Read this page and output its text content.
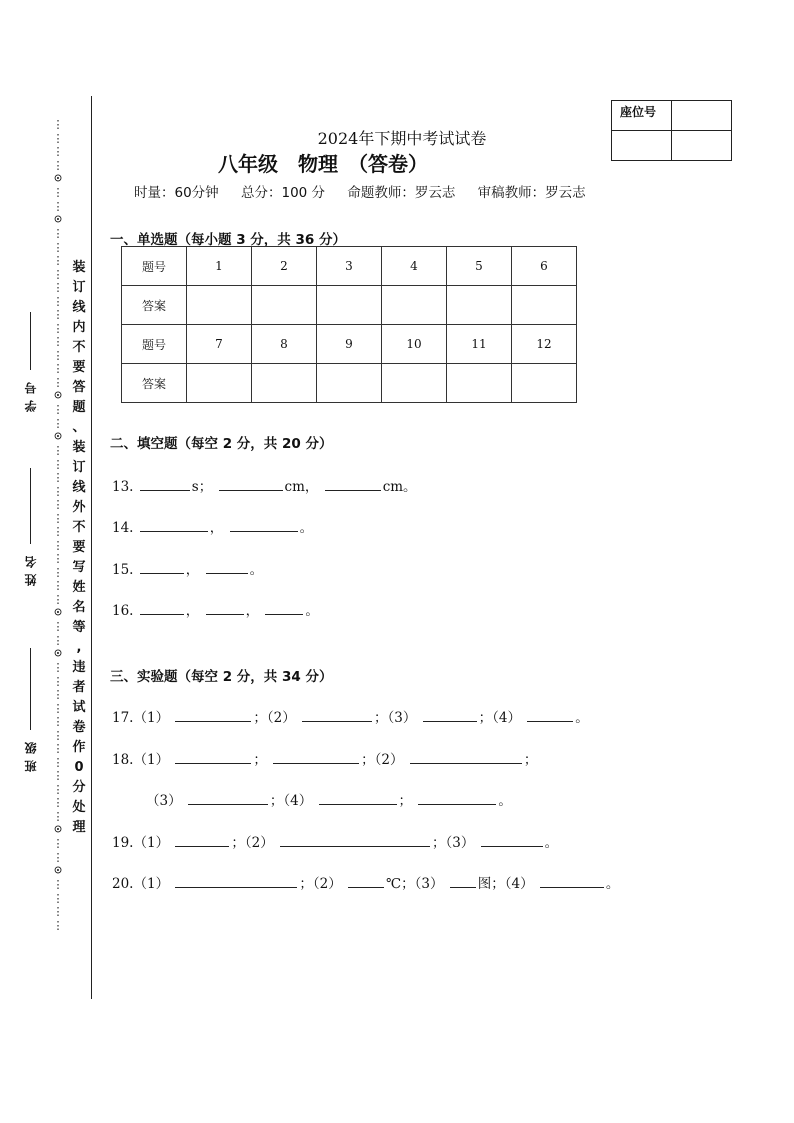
⋮
⋮
⋮
⋮
⊙
⋮
⋮
⊙
⋮
⋮
⋮
⋮
⋮
⋮
⋮
⋮
⋮
⋮
⋮
⋮
⊙
⋮
⋮
⊙
⋮
⋮
⋮
⋮
⋮
⋮
⋮
⋮
⋮
⋮
⋮
⋮
⊙
⋮
⋮
⊙
⋮
⋮
⋮
⋮
⋮
⋮
⋮
⋮
⋮
⋮
⋮
⋮
⊙
⋮
⋮
⊙
⋮
⋮
⋮
⋮
装
订
线
内
不
要
答
题
、
装
订
线
外
不
要
写
姓
名
等
,
违
者
试
卷
作
0
分
处
理
学号
姓名
班级
座位号	

2024年下期中考试试卷
八年级　物理　（答卷）
时量：60分钟 总分：100 分 命题教师：罗云志 审稿教师：罗云志
一、单选题（每小题 3 分，共 36 分）
题号	1	2	3	4	5	6
答案						
题号	7	8	9	10	11	12
答案						
二、填空题（每空 2 分，共 20 分）
13.	s；	cm，	cm。
14.	，	。
15.	，	。
16.	，	，	。
三、实验题（每空 2 分，共 34 分）
17.（1）	；（2）	；（3）	；（4）	。
18.（1）	；	；（2）	；
（3）	；（4）	；	。
19.（1）	；（2）	；（3）	。
20.（1）	；（2）	℃；（3）	图；（4）	。
